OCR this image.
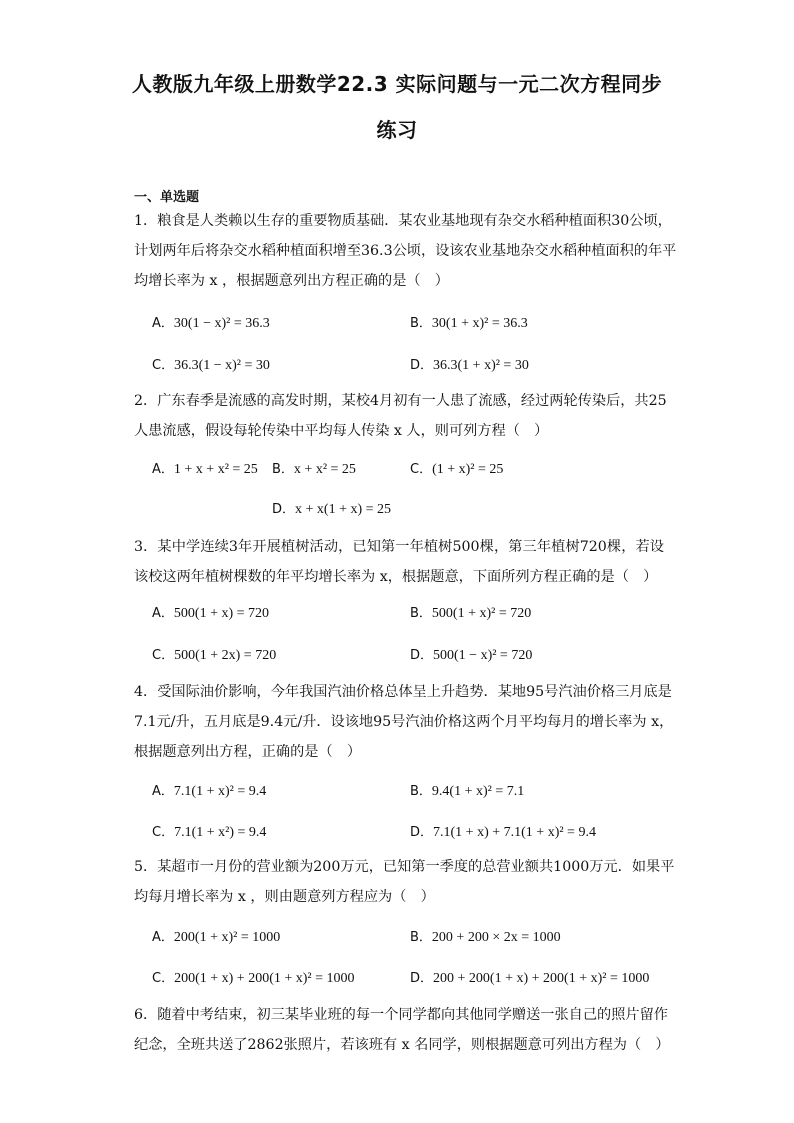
人教版九年级上册数学22.3 实际问题与一元二次方程同步
练习
一、单选题
1．粮食是人类赖以生存的重要物质基础．某农业基地现有杂交水稻种植面积30公顷，
计划两年后将杂交水稻种植面积增至36.3公顷，设该农业基地杂交水稻种植面积的年平
均增长率为 x ，根据题意列出方程正确的是（　）
A．30(1 − x)² = 36.3	B．30(1 + x)² = 36.3
C．36.3(1 − x)² = 30	D．36.3(1 + x)² = 30
2．广东春季是流感的高发时期，某校4月初有一人患了流感，经过两轮传染后，共25
人患流感，假设每轮传染中平均每人传染 x 人，则可列方程（　）
A．1 + x + x² = 25 B．x + x² = 25	C．(1 + x)² = 25
D．x + x(1 + x) = 25
3．某中学连续3年开展植树活动，已知第一年植树500棵，第三年植树720棵，若设
该校这两年植树棵数的年平均增长率为 x，根据题意，下面所列方程正确的是（　）
A．500(1 + x) = 720	B．500(1 + x)² = 720
C．500(1 + 2x) = 720	D．500(1 − x)² = 720
4．受国际油价影响，今年我国汽油价格总体呈上升趋势．某地95号汽油价格三月底是
7.1元/升，五月底是9.4元/升．设该地95号汽油价格这两个月平均每月的增长率为 x，
根据题意列出方程，正确的是（　）
A．7.1(1 + x)² = 9.4	B．9.4(1 + x)² = 7.1
C．7.1(1 + x²) = 9.4	D．7.1(1 + x) + 7.1(1 + x)² = 9.4
5．某超市一月份的营业额为200万元，已知第一季度的总营业额共1000万元．如果平
均每月增长率为 x ，则由题意列方程应为（　）
A．200(1 + x)² = 1000	B．200 + 200 × 2x = 1000
C．200(1 + x) + 200(1 + x)² = 1000	D．200 + 200(1 + x) + 200(1 + x)² = 1000
6．随着中考结束，初三某毕业班的每一个同学都向其他同学赠送一张自己的照片留作
纪念，全班共送了2862张照片，若该班有 x 名同学，则根据题意可列出方程为（　）
